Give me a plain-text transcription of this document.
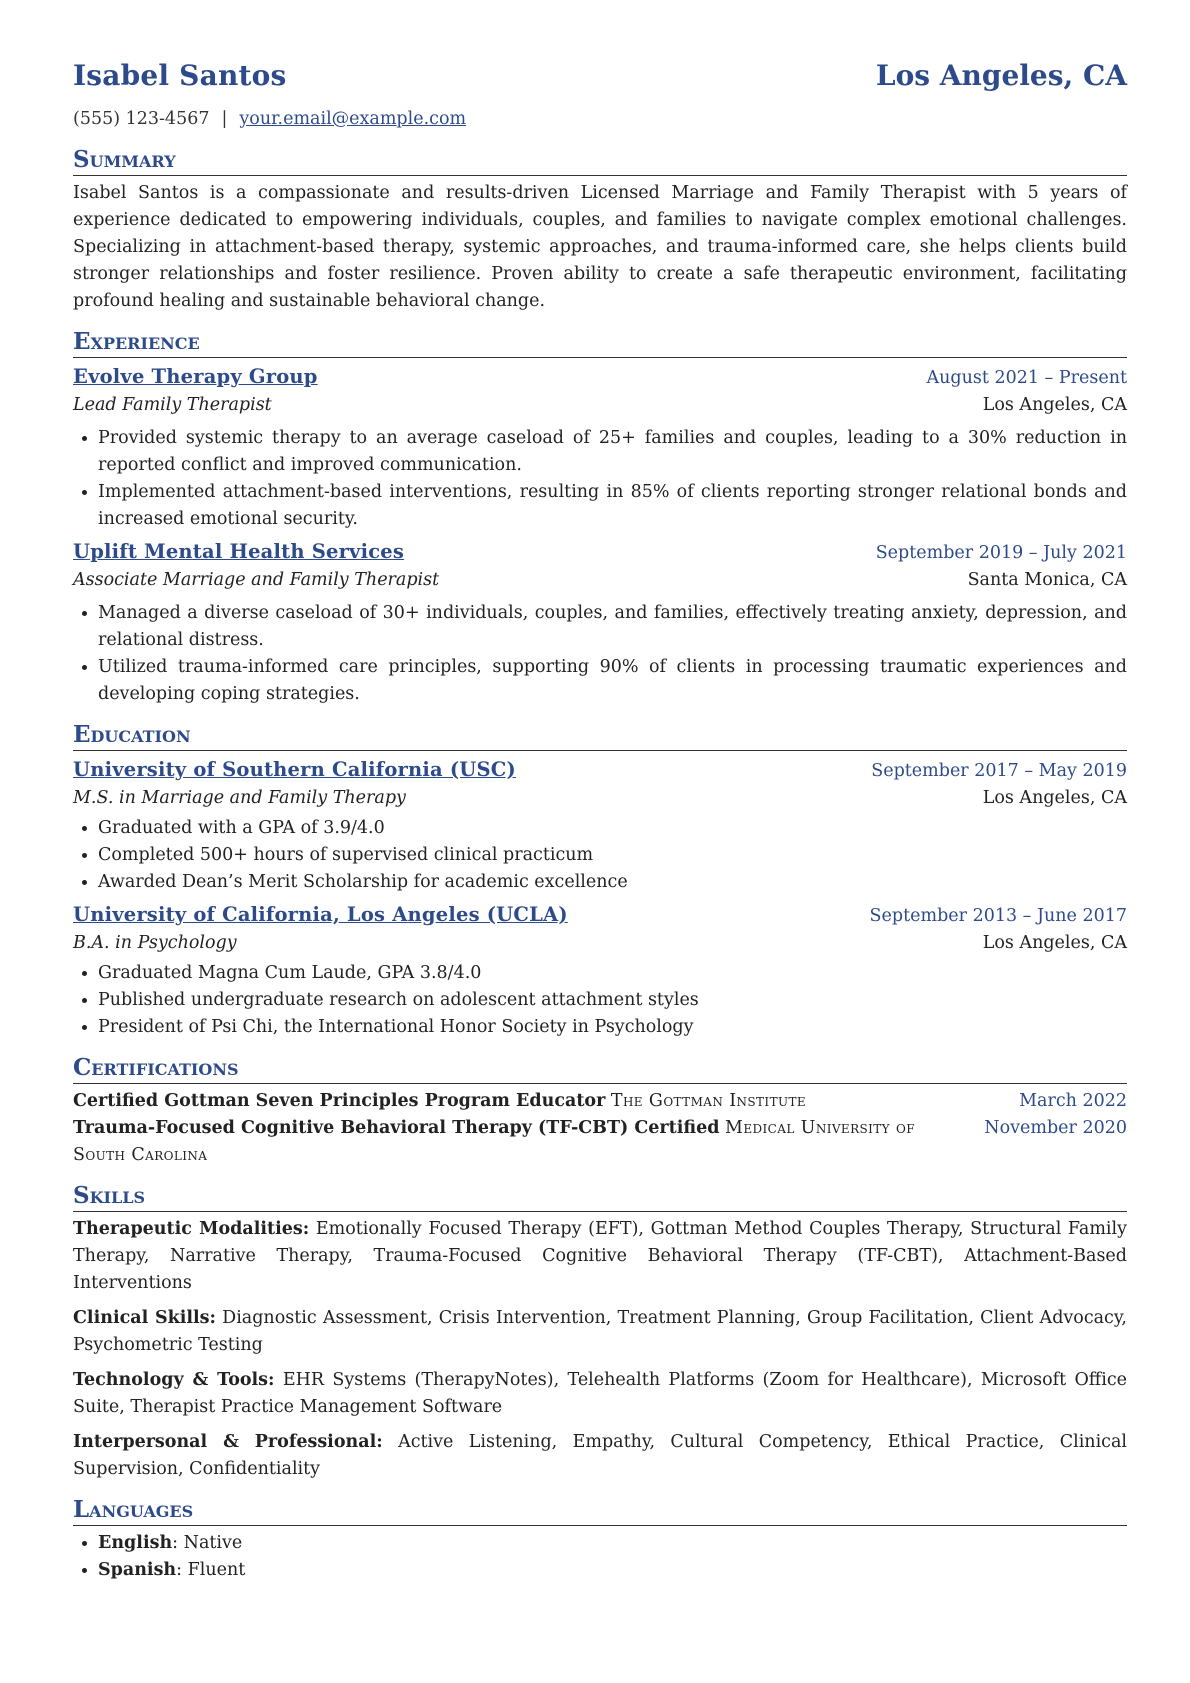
Isabel Santos	Los Angeles, CA
(555) 123-4567 | your.email@example.com
Summary
Isabel Santos is a compassionate and results-driven Licensed Marriage and Family Therapist with 5 years of experience dedicated to empowering individuals, couples, and families to navigate complex emotional challenges. Specializing in attachment-based therapy, systemic approaches, and trauma-informed care, she helps clients build stronger relationships and foster resilience. Proven ability to create a safe therapeutic environment, facilitating profound healing and sustainable behavioral change.
Experience
Evolve Therapy Group	August 2021 – Present
Lead Family Therapist	Los Angeles, CA
• Provided systemic therapy to an average caseload of 25+ families and couples, leading to a 30% reduction in reported conflict and improved communication.
• Implemented attachment-based interventions, resulting in 85% of clients reporting stronger relational bonds and increased emotional security.
Uplift Mental Health Services	September 2019 – July 2021
Associate Marriage and Family Therapist	Santa Monica, CA
• Managed a diverse caseload of 30+ individuals, couples, and families, effectively treating anxiety, depression, and relational distress.
• Utilized trauma-informed care principles, supporting 90% of clients in processing traumatic experiences and developing coping strategies.
Education
University of Southern California (USC)	September 2017 – May 2019
M.S. in Marriage and Family Therapy	Los Angeles, CA
• Graduated with a GPA of 3.9/4.0
• Completed 500+ hours of supervised clinical practicum
• Awarded Dean’s Merit Scholarship for academic excellence
University of California, Los Angeles (UCLA)	September 2013 – June 2017
B.A. in Psychology	Los Angeles, CA
• Graduated Magna Cum Laude, GPA 3.8/4.0
• Published undergraduate research on adolescent attachment styles
• President of Psi Chi, the International Honor Society in Psychology
Certifications
Certified Gottman Seven Principles Program Educator The Gottman Institute	March 2022
Trauma-Focused Cognitive Behavioral Therapy (TF-CBT) Certified Medical University of South Carolina
November 2020
Skills
Therapeutic Modalities: Emotionally Focused Therapy (EFT), Gottman Method Couples Therapy, Structural Family Therapy, Narrative Therapy, Trauma-Focused Cognitive Behavioral Therapy (TF-CBT), Attachment-Based Interventions
Clinical Skills: Diagnostic Assessment, Crisis Intervention, Treatment Planning, Group Facilitation, Client Advocacy, Psychometric Testing
Technology & Tools: EHR Systems (TherapyNotes), Telehealth Platforms (Zoom for Healthcare), Microsoft Office Suite, Therapist Practice Management Software
Interpersonal & Professional: Active Listening, Empathy, Cultural Competency, Ethical Practice, Clinical Supervision, Confidentiality
Languages
• English: Native
• Spanish: Fluent
